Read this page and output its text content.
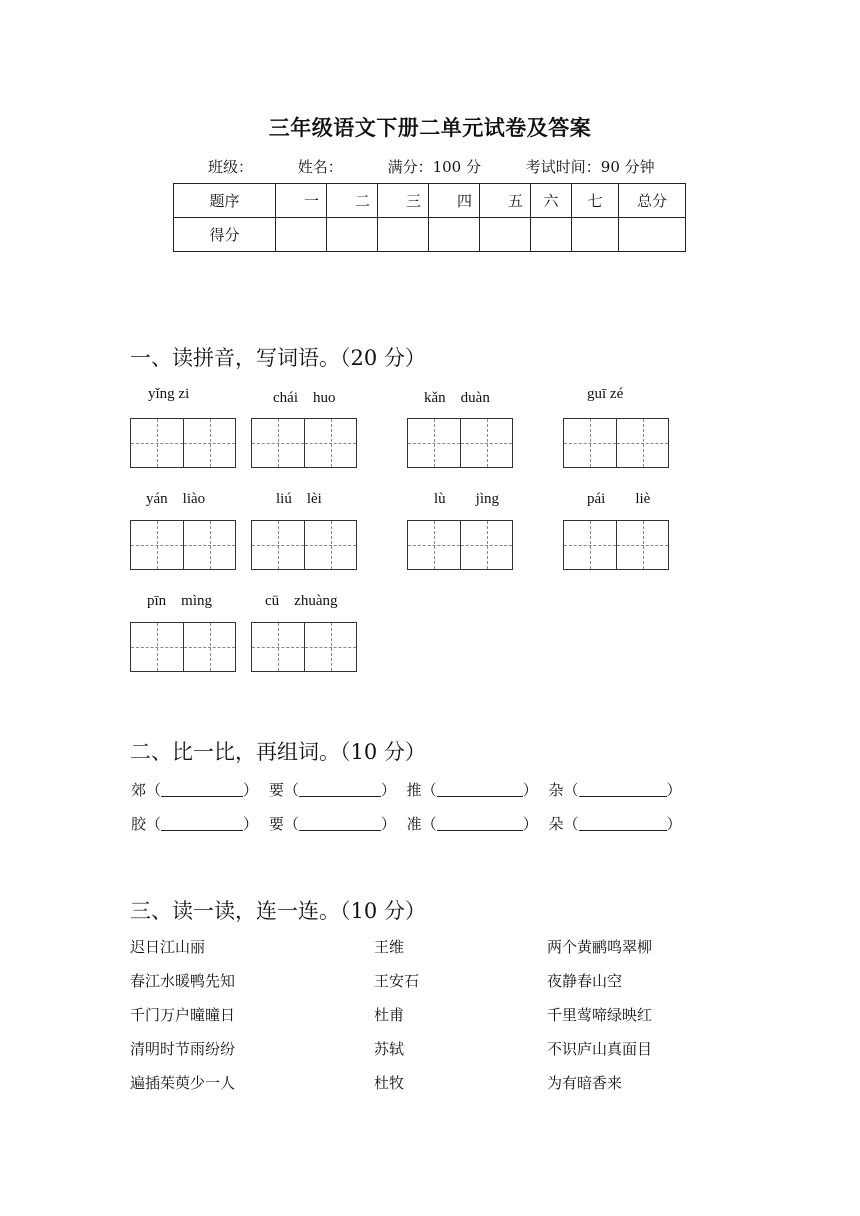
三年级语文下册二单元试卷及答案
班级：	姓名：	满分：100 分	考试时间：90 分钟
题序	一	二	三	四	五	六	七	总分
得分								
一、读拼音，写词语。（20 分）
yǐng zi	chái　huo	kǎn　duàn	guī zé
yán　liào	liú　lèi	lù　　jìng	pái　　liè
pīn　mìng	cū　zhuàng
二、比一比，再组词。（10 分）
郊（	） 要（	） 推（	） 杂（	）
胶（	） 要（	） 准（	） 朵（	）
三、读一读，连一连。（10 分）
迟日江山丽
春江水暖鸭先知
千门万户曈曈日
清明时节雨纷纷
遍插茱萸少一人
王维
王安石
杜甫
苏轼
杜牧
两个黄鹂鸣翠柳
夜静春山空
千里莺啼绿映红
不识庐山真面目
为有暗香来
